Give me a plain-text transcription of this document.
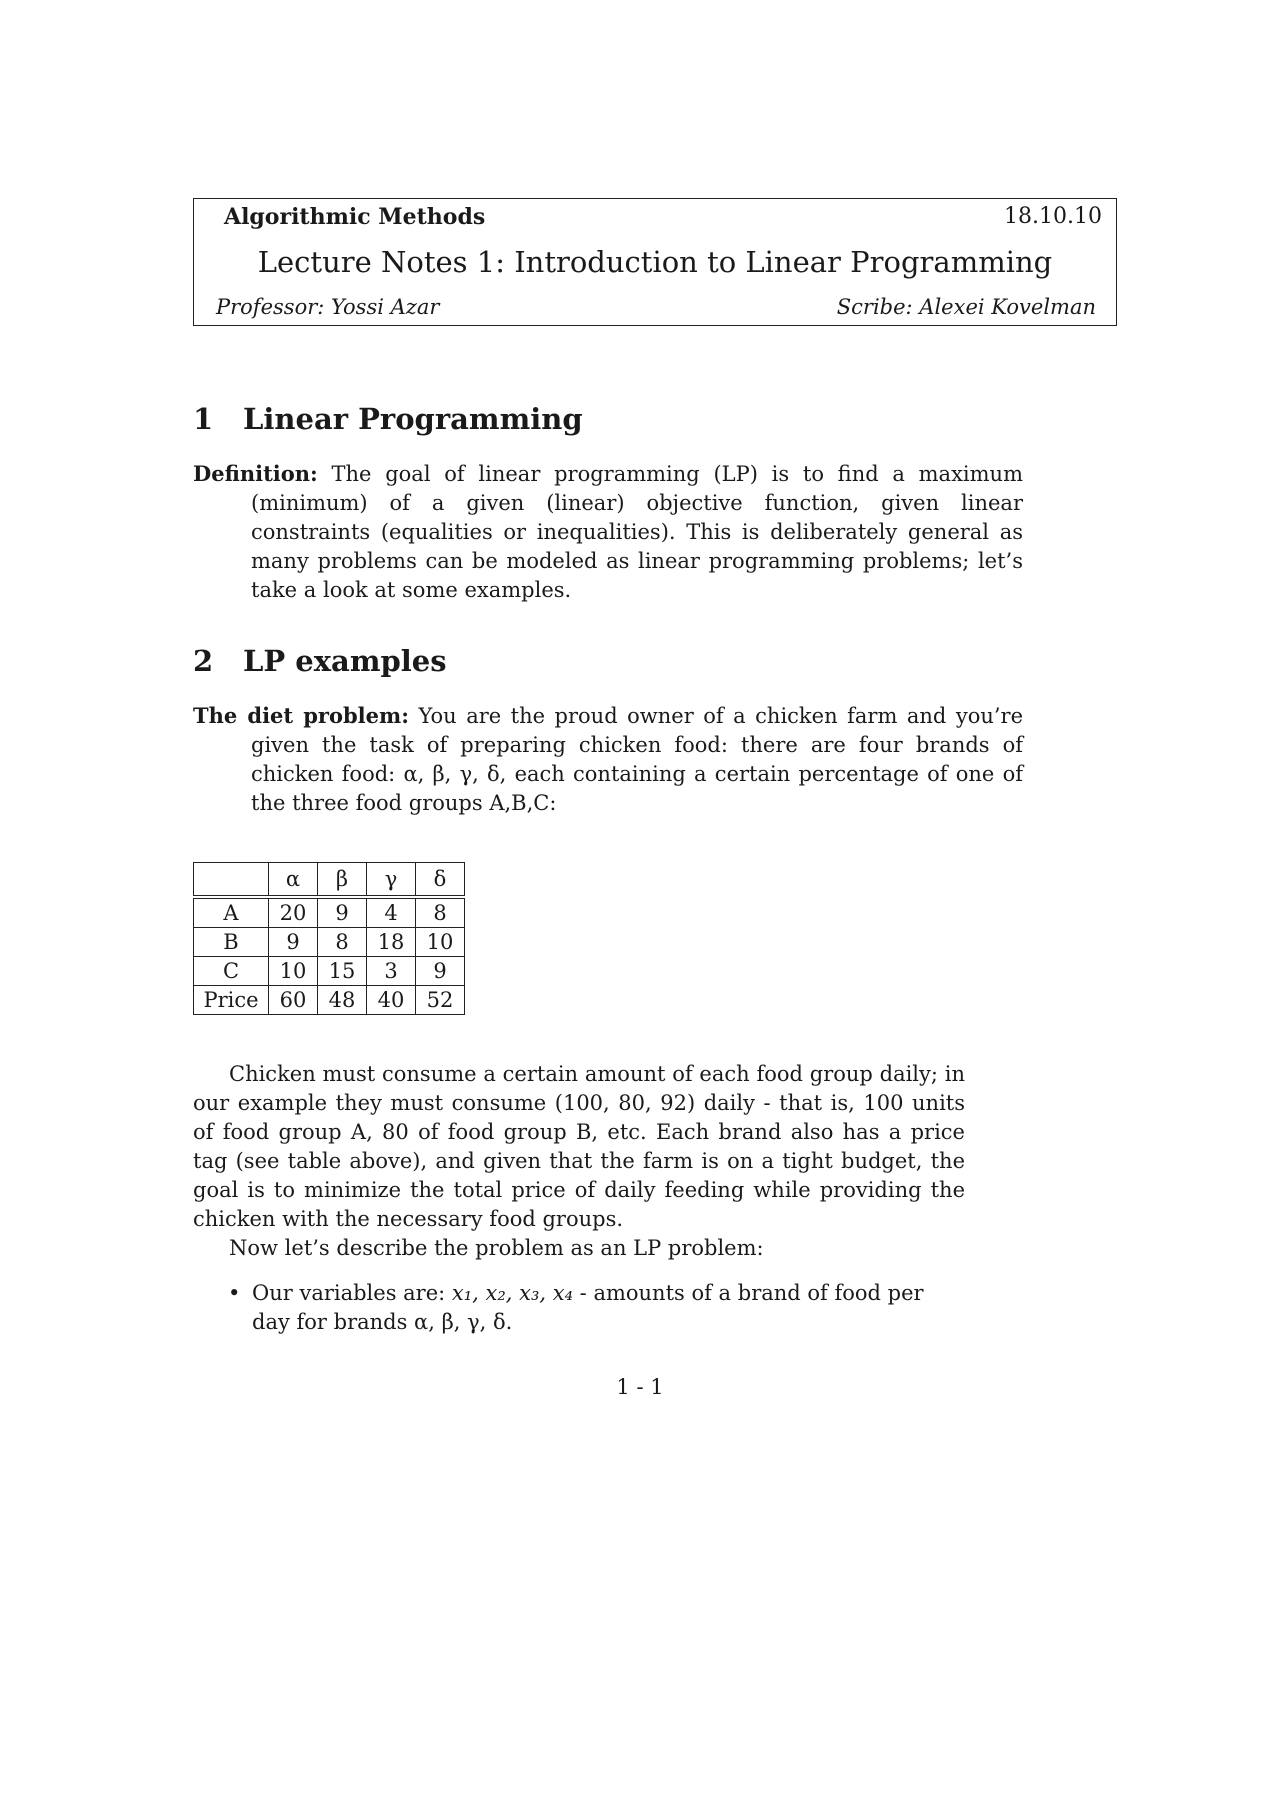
Algorithmic Methods	18.10.10
Lecture Notes 1: Introduction to Linear Programming
Professor: Yossi Azar	Scribe: Alexei Kovelman
1 Linear Programming

Definition: The goal of linear programming (LP) is to find a maximum (minimum) of a given (linear) objective function, given linear constraints (equalities or inequalities). This is deliberately general as many problems can be modeled as linear programming problems; let’s take a look at some examples.

2 LP examples

The diet problem: You are the proud owner of a chicken farm and you’re given the task of preparing chicken food: there are four brands of chicken food: α, β, γ, δ, each containing a certain percentage of one of the three food groups A,B,C:

	α	β	γ	δ
A	20	9	4	8
B	9	8	18	10
C	10	15	3	9
Price	60	48	40	52

Chicken must consume a certain amount of each food group daily; in our example they must consume (100, 80, 92) daily - that is, 100 units of food group A, 80 of food group B, etc. Each brand also has a price tag (see table above), and given that the farm is on a tight budget, the goal is to minimize the total price of daily feeding while providing the chicken with the necessary food groups.

Now let’s describe the problem as an LP problem:

• Our variables are: x₁, x₂, x₃, x₄ - amounts of a brand of food per day for brands α, β, γ, δ.
1 - 1
